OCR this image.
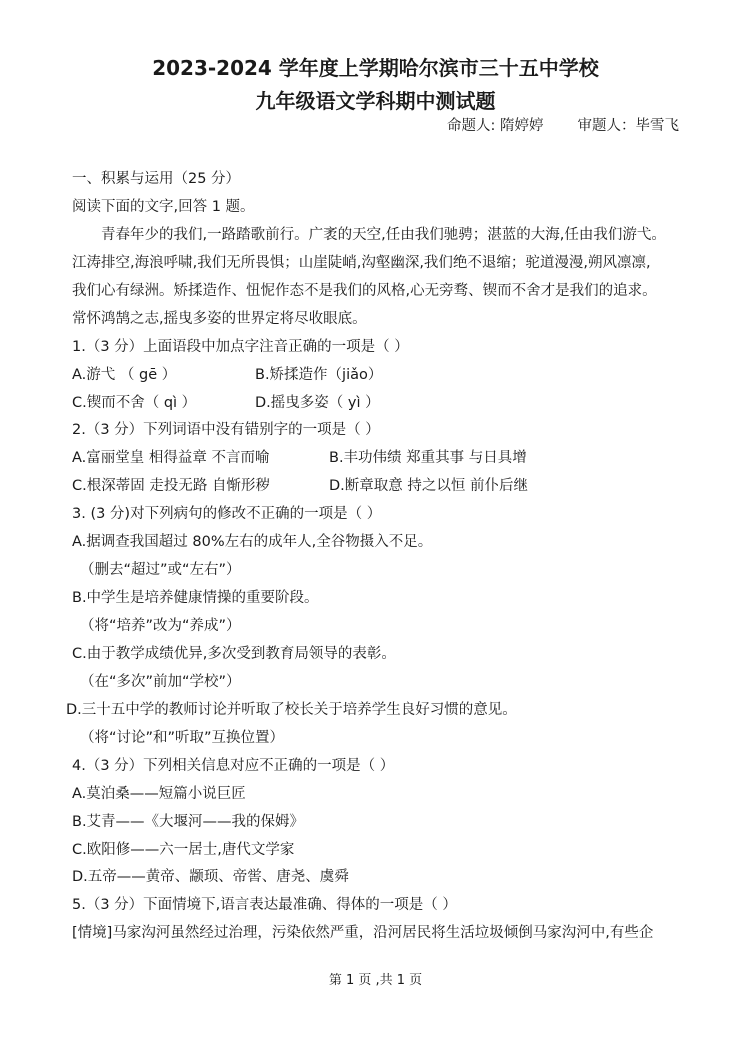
2023-2024 学年度上学期哈尔滨市三十五中学校
九年级语文学科期中测试题
命题人: 隋婷婷 审题人：毕雪飞
一、积累与运用（25 分）
阅读下面的文字,回答 1 题。
青春年少的我们,一路踏歌前行。广袤的天空,任由我们驰骋；湛蓝的大海,任由我们游弋。
江涛排空,海浪呼啸,我们无所畏惧；山崖陡峭,沟壑幽深,我们绝不退缩；驼道漫漫,朔风凛凛,
我们心有绿洲。矫揉造作、忸怩作态不是我们的风格,心无旁骛、锲而不舍才是我们的追求。
常怀鸿鹄之志,摇曳多姿的世界定将尽收眼底。
1.（3 分）上面语段中加点字注音正确的一项是（ ）
A.游弋 （ gē ）	B.矫揉造作（jiǎo）
C.锲而不舍（ qì ）	D.摇曳多姿（ yì ）
2.（3 分）下列词语中没有错别字的一项是（ ）
A.富丽堂皇 相得益章 不言而喻	B.丰功伟绩 郑重其事 与日具增
C.根深蒂固 走投无路 自惭形秽	D.断章取意 持之以恒 前仆后继
3. (3 分)对下列病句的修改不正确的一项是（ ）
A.据调查我国超过 80%左右的成年人,全谷物摄入不足。
（删去“超过”或“左右”）
B.中学生是培养健康情操的重要阶段。
（将“培养”改为“养成”）
C.由于教学成绩优异,多次受到教育局领导的表彰。
（在“多次”前加“学校”）
D.三十五中学的教师讨论并听取了校长关于培养学生良好习惯的意见。
（将“讨论”和”听取”互换位置）
4.（3 分）下列相关信息对应不正确的一项是（ ）
A.莫泊桑——短篇小说巨匠
B.艾青——《大堰河——我的保姆》
C.欧阳修——六一居士,唐代文学家
D.五帝——黄帝、颛顼、帝喾、唐尧、虞舜
5.（3 分）下面情境下,语言表达最准确、得体的一项是（ ）
[情境]马家沟河虽然经过治理，污染依然严重，沿河居民将生活垃圾倾倒马家沟河中,有些企
第 1 页 ,共 1 页
